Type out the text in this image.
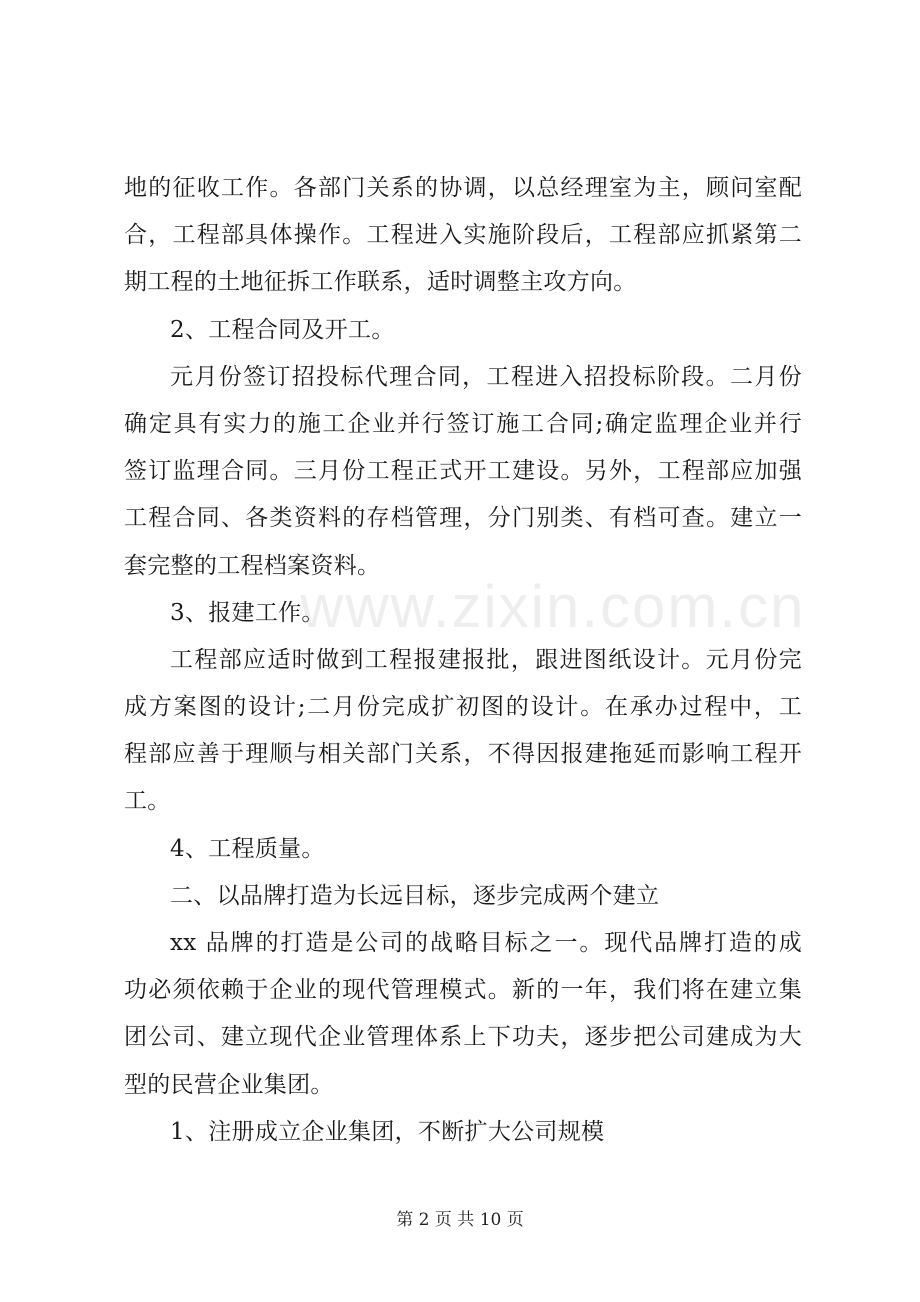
www.zixin.com.cn
地的征收工作。各部门关系的协调，以总经理室为主，顾问室配
合，工程部具体操作。工程进入实施阶段后，工程部应抓紧第二
期工程的土地征拆工作联系，适时调整主攻方向。
2、工程合同及开工。
元月份签订招投标代理合同，工程进入招投标阶段。二月份
确定具有实力的施工企业并行签订施工合同;确定监理企业并行
签订监理合同。三月份工程正式开工建设。另外，工程部应加强
工程合同、各类资料的存档管理，分门别类、有档可查。建立一
套完整的工程档案资料。
3、报建工作。
工程部应适时做到工程报建报批，跟进图纸设计。元月份完
成方案图的设计;二月份完成扩初图的设计。在承办过程中，工
程部应善于理顺与相关部门关系，不得因报建拖延而影响工程开
工。
4、工程质量。
二、以品牌打造为长远目标，逐步完成两个建立
xx 品牌的打造是公司的战略目标之一。现代品牌打造的成
功必须依赖于企业的现代管理模式。新的一年，我们将在建立集
团公司、建立现代企业管理体系上下功夫，逐步把公司建成为大
型的民营企业集团。
1、注册成立企业集团，不断扩大公司规模
第 2 页 共 10 页
